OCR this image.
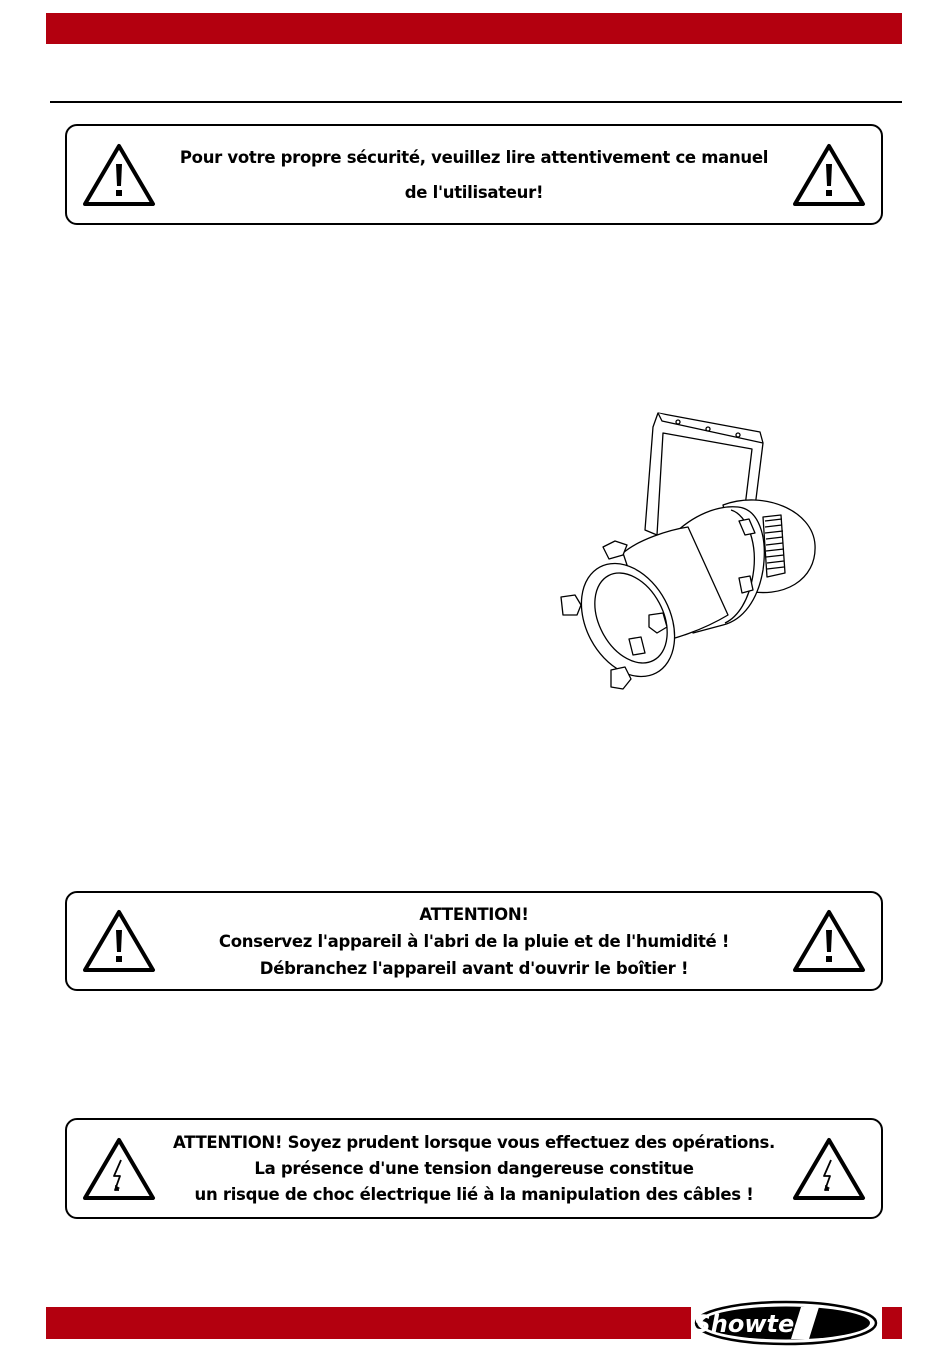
Pour votre propre sécurité, veuillez lire attentivement ce manuel de l'utilisateur!
ATTENTION!
Conservez l'appareil à l'abri de la pluie et de l'humidité !
Débranchez l'appareil avant d'ouvrir le boîtier !
ATTENTION! Soyez prudent lorsque vous effectuez des opérations.
La présence d'une tension dangereuse constitue
un risque de choc électrique lié à la manipulation des câbles !
Showtec
